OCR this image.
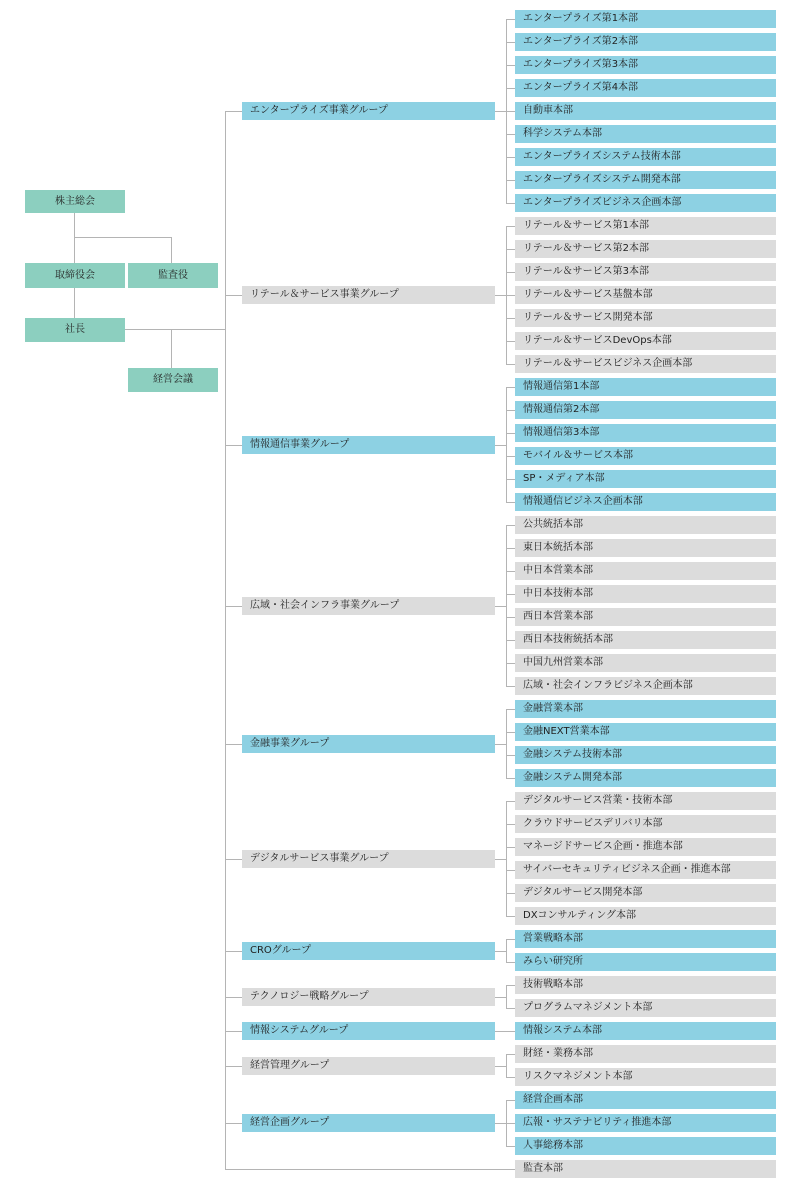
株主総会
取締役会	監査役
社長
経営会議
エンタープライズ第1本部
エンタープライズ第2本部
エンタープライズ第3本部
エンタープライズ第4本部
自動車本部
科学システム本部
エンタープライズシステム技術本部
エンタープライズシステム開発本部
エンタープライズビジネス企画本部
エンタープライズ事業グループ
リテール＆サービス第1本部
リテール＆サービス第2本部
リテール＆サービス第3本部
リテール＆サービス基盤本部
リテール＆サービス開発本部
リテール＆サービスDevOps本部
リテール＆サービスビジネス企画本部
リテール＆サービス事業グループ
情報通信第1本部
情報通信第2本部
情報通信第3本部
モバイル＆サービス本部
SP・メディア本部
情報通信ビジネス企画本部
情報通信事業グループ
公共統括本部
東日本統括本部
中日本営業本部
中日本技術本部
西日本営業本部
西日本技術統括本部
中国九州営業本部
広域・社会インフラビジネス企画本部
広域・社会インフラ事業グループ
金融営業本部
金融NEXT営業本部
金融システム技術本部
金融システム開発本部
金融事業グループ
デジタルサービス営業・技術本部
クラウドサービスデリバリ本部
マネージドサービス企画・推進本部
サイバーセキュリティビジネス企画・推進本部
デジタルサービス開発本部
DXコンサルティング本部
デジタルサービス事業グループ
営業戦略本部
みらい研究所
CROグループ
技術戦略本部
プログラムマネジメント本部
テクノロジー戦略グループ
情報システム本部
情報システムグループ
財経・業務本部
リスクマネジメント本部
経営管理グループ
経営企画本部
広報・サステナビリティ推進本部
人事総務本部
経営企画グループ
監査本部
